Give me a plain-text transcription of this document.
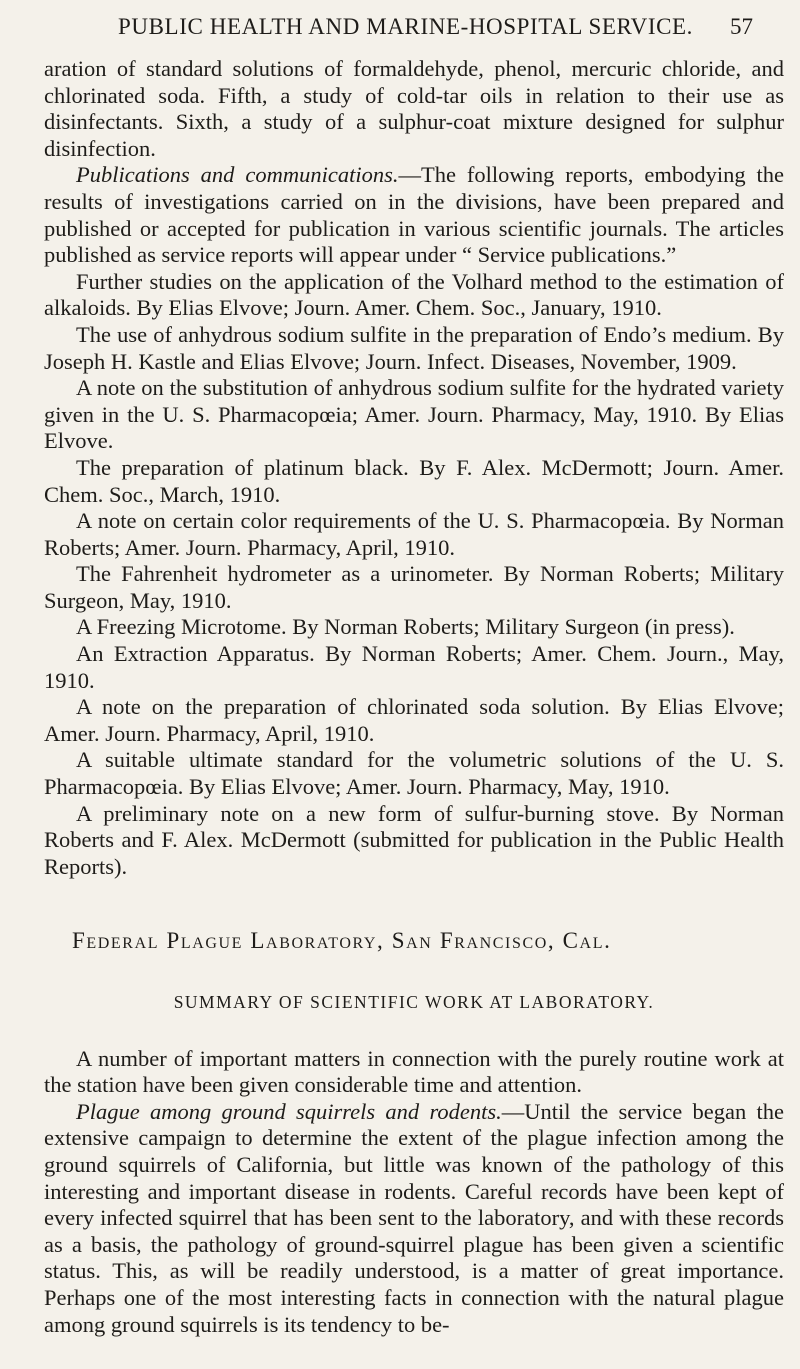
PUBLIC HEALTH AND MARINE-HOSPITAL SERVICE. 57

aration of standard solutions of formaldehyde, phenol, mercuric chloride, and chlorinated soda. Fifth, a study of cold-tar oils in relation to their use as disinfectants. Sixth, a study of a sulphur-coat mixture designed for sulphur disinfection.

Publications and communications.—The following reports, embodying the results of investigations carried on in the divisions, have been prepared and published or accepted for publication in various scientific journals. The articles published as service reports will appear under “ Service publications.”

Further studies on the application of the Volhard method to the estimation of alkaloids. By Elias Elvove; Journ. Amer. Chem. Soc., January, 1910.

The use of anhydrous sodium sulfite in the preparation of Endo’s medium. By Joseph H. Kastle and Elias Elvove; Journ. Infect. Diseases, November, 1909.

A note on the substitution of anhydrous sodium sulfite for the hydrated variety given in the U. S. Pharmacopœia; Amer. Journ. Pharmacy, May, 1910. By Elias Elvove.

The preparation of platinum black. By F. Alex. McDermott; Journ. Amer. Chem. Soc., March, 1910.

A note on certain color requirements of the U. S. Pharmacopœia. By Norman Roberts; Amer. Journ. Pharmacy, April, 1910.

The Fahrenheit hydrometer as a urinometer. By Norman Roberts; Military Surgeon, May, 1910.

A Freezing Microtome. By Norman Roberts; Military Surgeon (in press).

An Extraction Apparatus. By Norman Roberts; Amer. Chem. Journ., May, 1910.

A note on the preparation of chlorinated soda solution. By Elias Elvove; Amer. Journ. Pharmacy, April, 1910.

A suitable ultimate standard for the volumetric solutions of the U. S. Pharmacopœia. By Elias Elvove; Amer. Journ. Pharmacy, May, 1910.

A preliminary note on a new form of sulfur-burning stove. By Norman Roberts and F. Alex. McDermott (submitted for publication in the Public Health Reports).

Federal Plague Laboratory, San Francisco, Cal.

SUMMARY OF SCIENTIFIC WORK AT LABORATORY.

A number of important matters in connection with the purely routine work at the station have been given considerable time and attention.

Plague among ground squirrels and rodents.—Until the service began the extensive campaign to determine the extent of the plague infection among the ground squirrels of California, but little was known of the pathology of this interesting and important disease in rodents. Careful records have been kept of every infected squirrel that has been sent to the laboratory, and with these records as a basis, the pathology of ground-squirrel plague has been given a scientific status. This, as will be readily understood, is a matter of great importance. Perhaps one of the most interesting facts in connection with the natural plague among ground squirrels is its tendency to be-
